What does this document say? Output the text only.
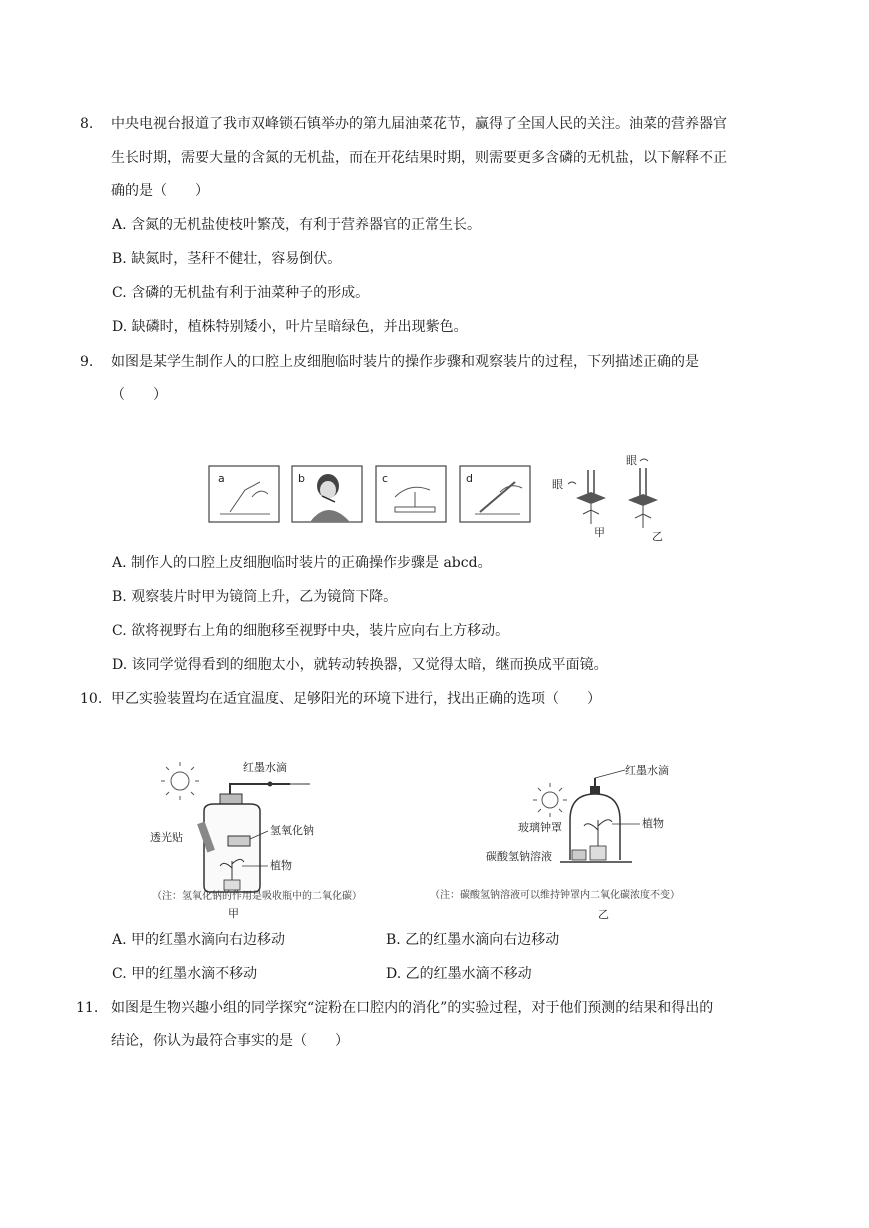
8. 中央电视台报道了我市双峰锁石镇举办的第九届油菜花节，赢得了全国人民的关注。油菜的营养器官
生长时期，需要大量的含氮的无机盐，而在开花结果时期，则需要更多含磷的无机盐，以下解释不正
确的是（　　）
A. 含氮的无机盐使枝叶繁茂，有利于营养器官的正常生长。
B. 缺氮时，茎秆不健壮，容易倒伏。
C. 含磷的无机盐有利于油菜种子的形成。
D. 缺磷时，植株特别矮小，叶片呈暗绿色，并出现紫色。
9. 如图是某学生制作人的口腔上皮细胞临时装片的操作步骤和观察装片的过程，下列描述正确的是
（　　）
a	b	c	d	眼
甲
眼
乙
A. 制作人的口腔上皮细胞临时装片的正确操作步骤是 abcd。
B. 观察装片时甲为镜筒上升，乙为镜筒下降。
C. 欲将视野右上角的细胞移至视野中央，装片应向右上方移动。
D. 该同学觉得看到的细胞太小，就转动转换器，又觉得太暗，继而换成平面镜。
10. 甲乙实验装置均在适宜温度、足够阳光的环境下进行，找出正确的选项（　　）
红墨水滴
透光贴
氢氧化钠
植物
（注：氢氧化钠的作用是吸收瓶中的二氧化碳）
甲
红墨水滴
玻璃钟罩	植物
碳酸氢钠溶液
（注：碳酸氢钠溶液可以维持钟罩内二氧化碳浓度不变）
乙
A. 甲的红墨水滴向右边移动	B. 乙的红墨水滴向右边移动
C. 甲的红墨水滴不移动	D. 乙的红墨水滴不移动
11. 如图是生物兴趣小组的同学探究“淀粉在口腔内的消化”的实验过程，对于他们预测的结果和得出的
结论，你认为最符合事实的是（　　）
